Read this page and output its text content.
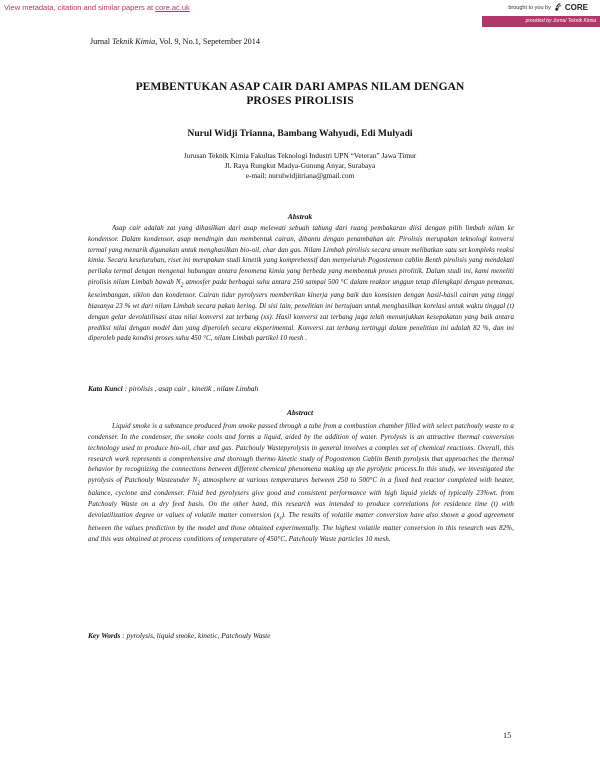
View metadata, citation and similar papers at core.ac.uk	brought to you by CORE
provided by Jurnal Teknik Kimia
Jurnal Teknik Kimia, Vol. 9, No.1, Sepetember 2014
PEMBENTUKAN ASAP CAIR DARI AMPAS NILAM DENGAN
PROSES PIROLISIS
Nurul Widji Trianna, Bambang Wahyudi, Edi Mulyadi
Jurusan Teknik Kimia Fakultas Teknologi Industri UPN “Veteran” Jawa Timur
Jl. Raya Rungkut Madya-Gunung Anyar, Surabaya
e-mail: nurulwidjitriana@gmail.com
Abstrak

Asap cair adalah zat yang dihasilkan dari asap melewati sebuah tabung dari ruang pembakaran diisi dengan pilih limbah nilam ke kondensor. Dalam kondensor, asap mendingin dan membentuk cairan, dibantu dengan penambahan air. Pirolisis merupakan teknologi konversi termal yang menarik digunakan untuk menghasilkan bio-oil, char dan gas. Nilam Limbah pirolisis secara umum melibatkan satu set kompleks reaksi kimia. Secara keseluruhan, riset ini merupakan studi kinetik yang komprehensif dan menyeluruh Pogostemon cablin Benth pirolisis yang mendekati perilaku termal dengan mengenai hubungan antara fenomena kimia yang berbeda yang membentuk proses pirolitik. Dalam studi ini, kami meneliti pirolisis nilam Limbah bawah $N_2$ atmosfer pada berbagai suhu antara 250 sampai 500 °C dalam reaktor unggun tetap dilengkapi dengan pemanas, keseimbangan, siklon dan kondensor. Cairan tidur pyrolysers memberikan kinerja yang baik dan konsisten dengan hasil-hasil cairan yang tinggi biasanya 23 % wt dari nilam Limbah secara pakan kering. Di sisi lain, penelitian ini bertujuan untuk menghasilkan korelasi untuk waktu tinggal (t) dengan gelar devolatilisasi atau nilai konversi zat terbang (xs). Hasil konversi zat terbang juga telah menunjukkan kesepakatan yang baik antara prediksi nilai dengan model dan yang diperoleh secara eksperimental. Konversi zat terbang tertinggi dalam penelitian ini adalah 82 %, dan ini diperoleh pada kondisi proses suhu 450 °C, nilam Limbah partikel 10 mesh .

Kata Kunci : pirolisis , asap cair , kinetik , nilam Limbah
Abstract

Liquid smoke is a substance produced from smoke passed through a tube from a combustion chamber filled with select patchouly waste to a condenser. In the condenser, the smoke cools and forms a liquid, aided by the addition of water. Pyrolysis is an attractive thermal conversion technology used to produce bio-oil, char and gas. Patchouly Wastepyrolysis in general involves a complex set of chemical reactions. Overall, this research work represents a comprehensive and thorough thermo kinetic study of Pogostemon Cablin Benth pyrolysis that approaches the thermal behavior by recognizing the connections between different chemical phenomena making up the pyrolytic process.In this study, we investigated the pyrolysis of Patchouly Wasteunder $N_2$ atmosphere at various temperatures between 250 to 500°C in a fixed bed reactor completed with heater, balance, cyclone and condenser. Fluid bed pyrolysers give good and consistent performance with high liquid yields of typically 23%wt. from Patchouly Waste on a dry feed basis. On the other hand, this research was intended to produce correlations for residence time (t) with devolatilization degree or values of volatile matter conversion $(x_s)$. The results of volatile matter conversion have also shown a good agreement between the values prediction by the model and those obtained experimentally. The highest volatile matter conversion in this research was 82%, and this was obtained at process conditions of temperature of 450°C, Patchouly Waste particles 10 mesh.

Key Words : pyrolysis, liquid smoke, kinetic, Patchouly Waste
15
